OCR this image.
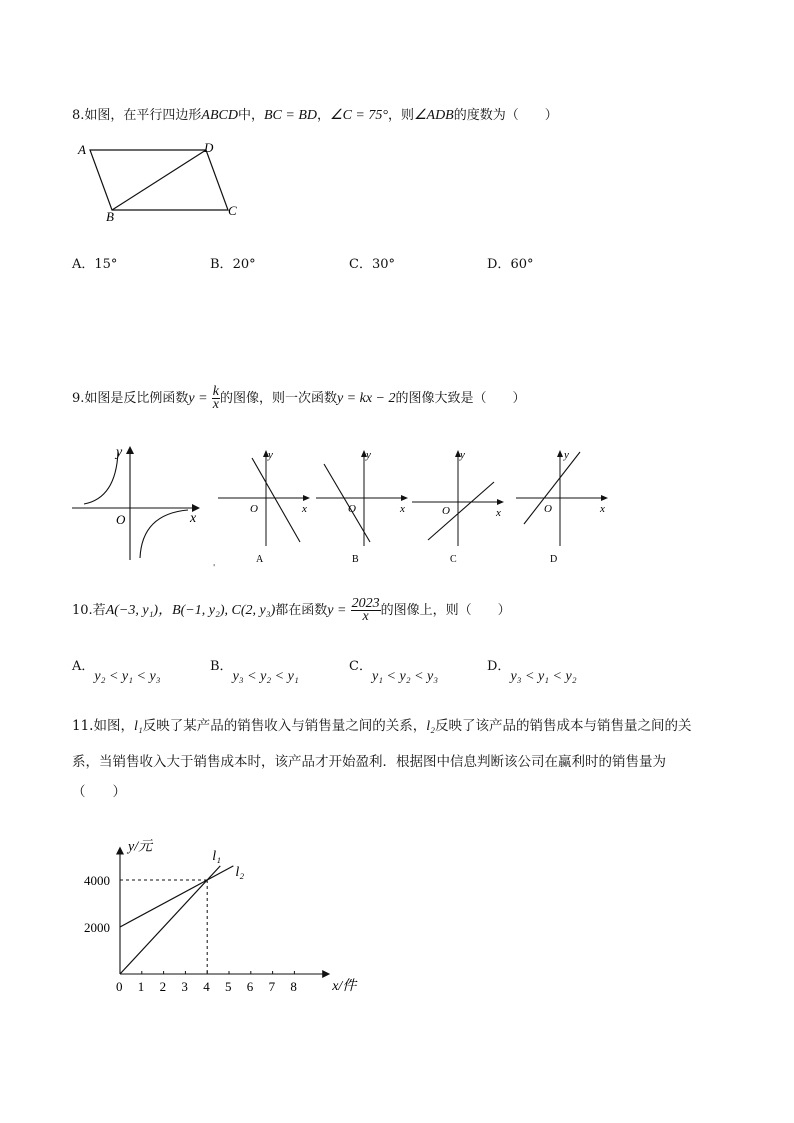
8.如图，在平行四边形ABCD中，BC = BD，∠C = 75°，则∠ADB的度数为（　　）
A	D
B	C
A．15°	B．20°	C．30°	D．60°
9.如图是反比例函数$y = \frac{k}{x}$ 的图像，则一次函数y = kx − 2的图像大致是（　　）
y
x
O
y
x
O
A
'
y
x
O
B
y
x
O
C
y
x
O
D
10.若A(−3, y₁)，B(−1, y₂), C(2, y₃)都在函数$y = \frac{2023}{x}$ 的图像上，则（　　）
A．y₂ < y₁ < y₃
B．y₃ < y₂ < y₁
C．y₁ < y₂ < y₃
D．y₃ < y₁ < y₂
11.如图，l₁反映了某产品的销售收入与销售量之间的关系，l₂反映了该产品的销售成本与销售量之间的关
系，当销售收入大于销售成本时，该产品才开始盈利．根据图中信息判断该公司在赢利时的销售量为
（　　）
0 1 2 3 4 5 6 7 8
2000
4000
l₁
l₂
x/件
y/元
